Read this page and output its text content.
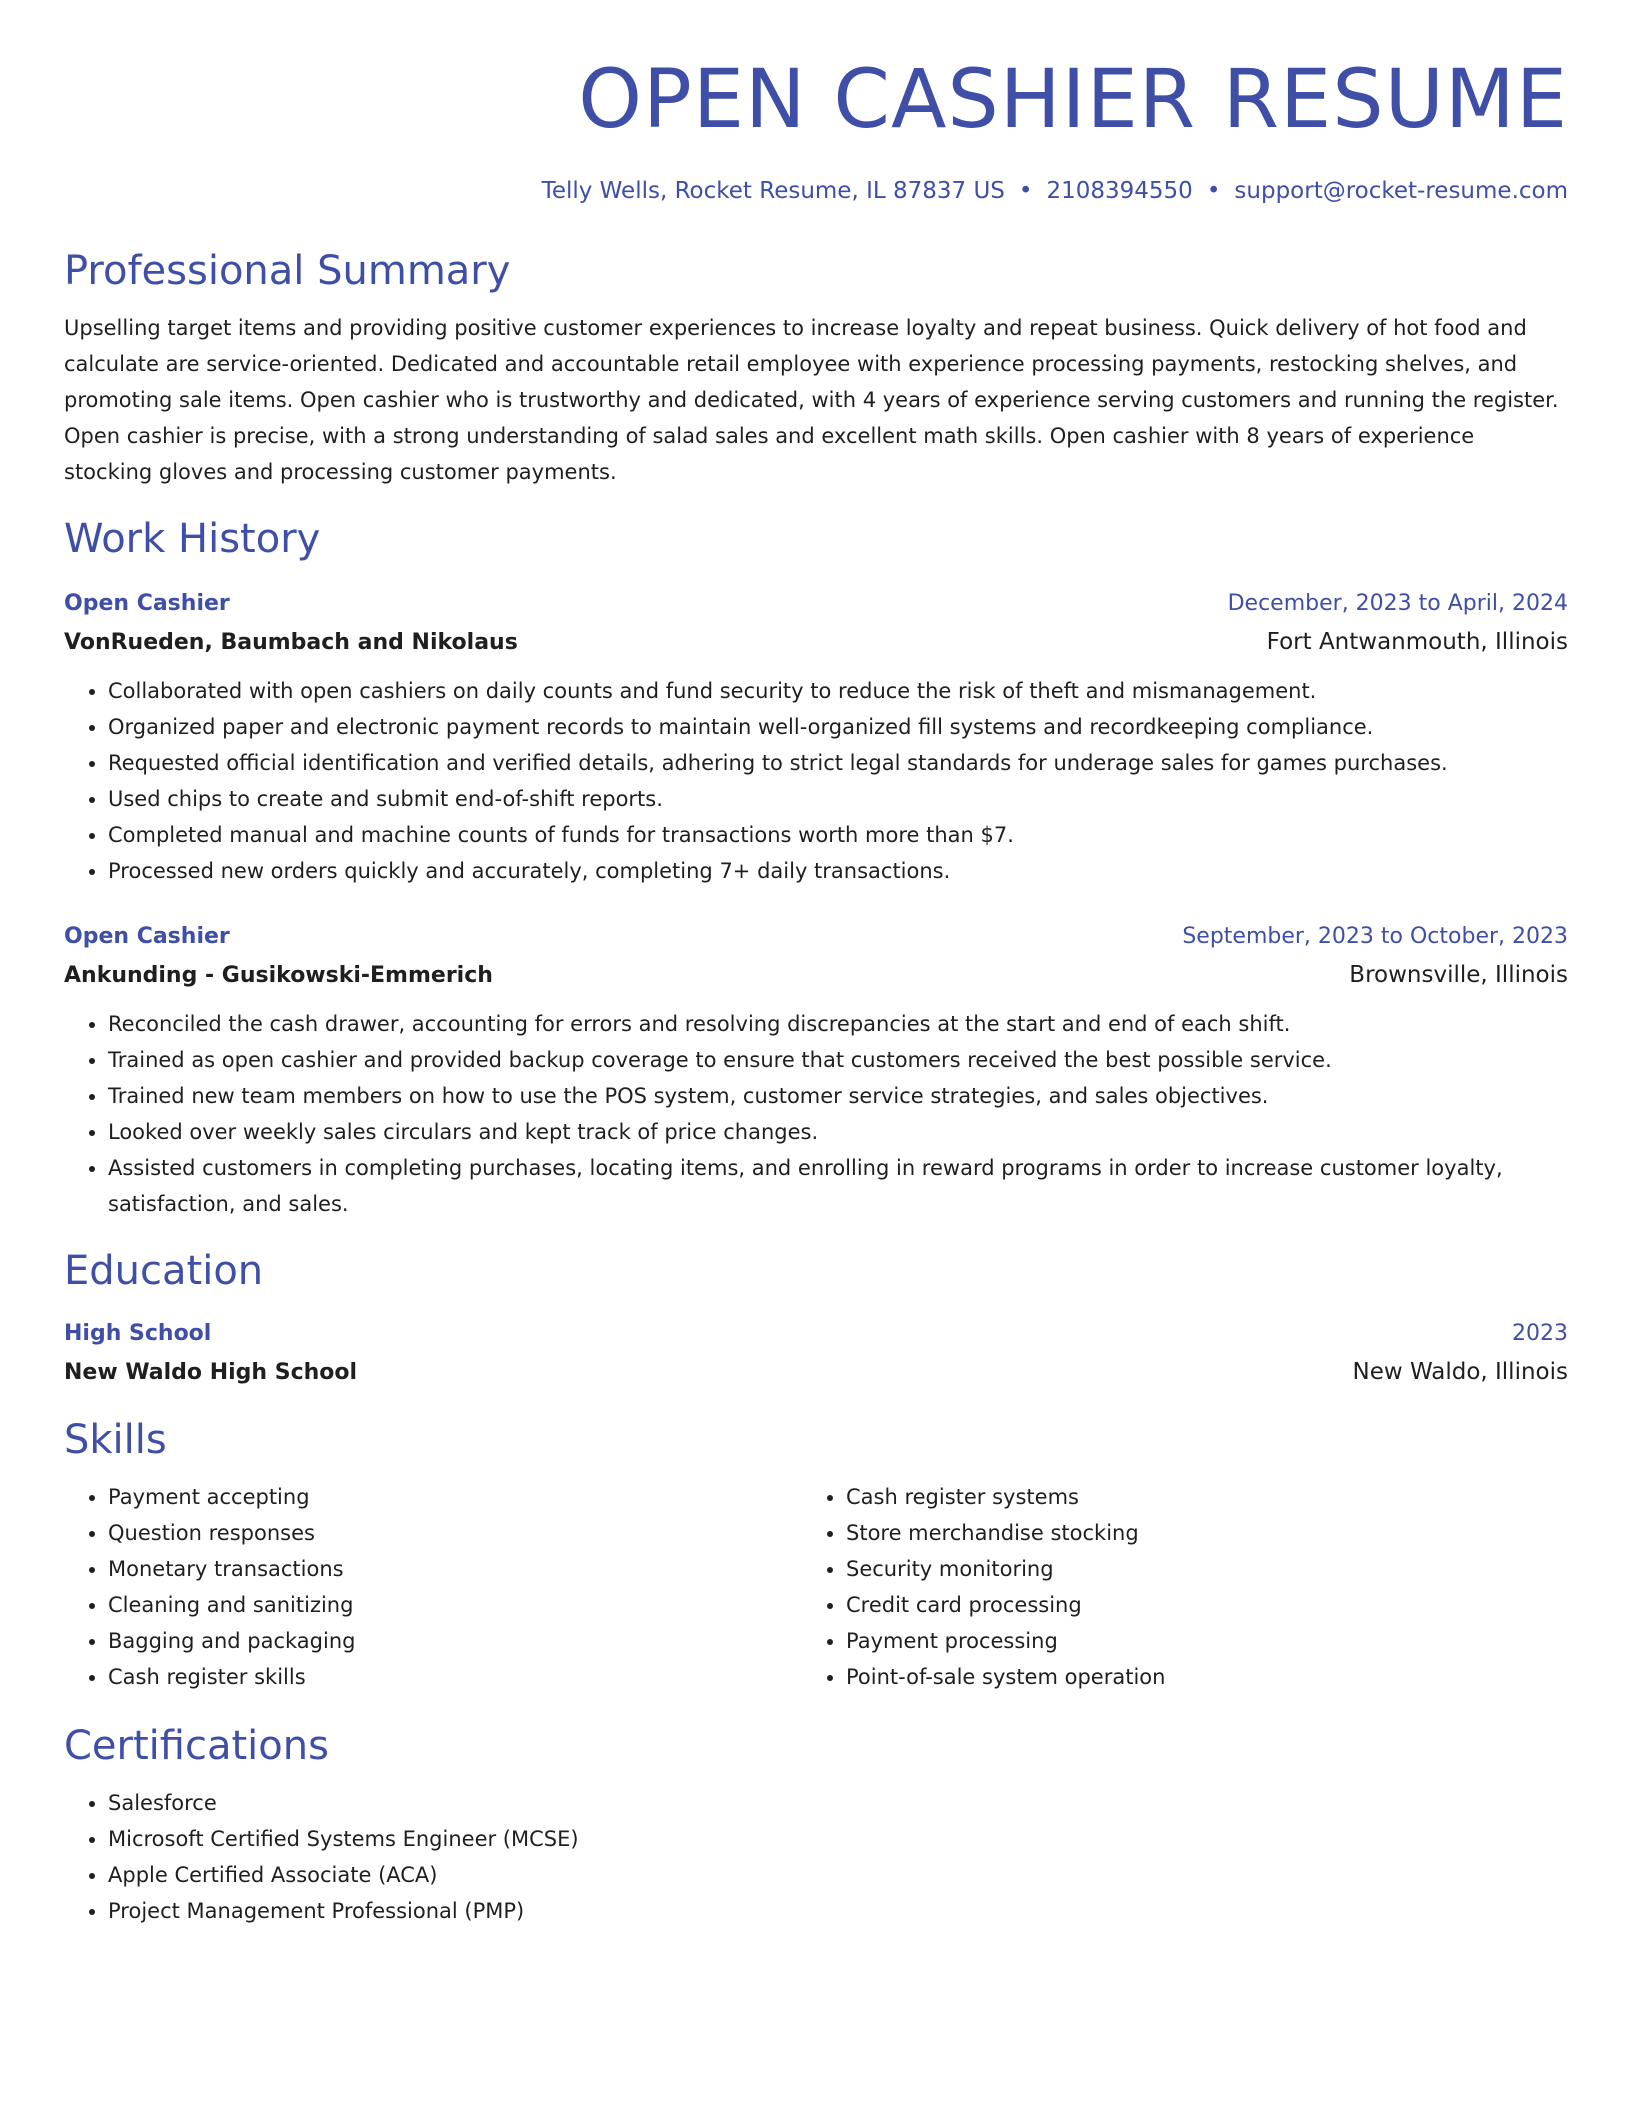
OPEN CASHIER RESUME
Telly Wells, Rocket Resume, IL 87837 US • 2108394550 • support@rocket-resume.com
Professional Summary
Upselling target items and providing positive customer experiences to increase loyalty and repeat business. Quick delivery of hot food and calculate are service-oriented. Dedicated and accountable retail employee with experience processing payments, restocking shelves, and promoting sale items. Open cashier who is trustworthy and dedicated, with 4 years of experience serving customers and running the register. Open cashier is precise, with a strong understanding of salad sales and excellent math skills. Open cashier with 8 years of experience stocking gloves and processing customer payments.
Work History
Open Cashier	December, 2023 to April, 2024
VonRueden, Baumbach and Nikolaus	Fort Antwanmouth, Illinois
• Collaborated with open cashiers on daily counts and fund security to reduce the risk of theft and mismanagement.
• Organized paper and electronic payment records to maintain well-organized fill systems and recordkeeping compliance.
• Requested official identification and verified details, adhering to strict legal standards for underage sales for games purchases.
• Used chips to create and submit end-of-shift reports.
• Completed manual and machine counts of funds for transactions worth more than $7.
• Processed new orders quickly and accurately, completing 7+ daily transactions.
Open Cashier	September, 2023 to October, 2023
Ankunding - Gusikowski-Emmerich	Brownsville, Illinois
• Reconciled the cash drawer, accounting for errors and resolving discrepancies at the start and end of each shift.
• Trained as open cashier and provided backup coverage to ensure that customers received the best possible service.
• Trained new team members on how to use the POS system, customer service strategies, and sales objectives.
• Looked over weekly sales circulars and kept track of price changes.
• Assisted customers in completing purchases, locating items, and enrolling in reward programs in order to increase customer loyalty, satisfaction, and sales.
Education
High School	2023
New Waldo High School	New Waldo, Illinois
Skills
• Payment accepting
• Question responses
• Monetary transactions
• Cleaning and sanitizing
• Bagging and packaging
• Cash register skills
• Cash register systems
• Store merchandise stocking
• Security monitoring
• Credit card processing
• Payment processing
• Point-of-sale system operation
Certifications
• Salesforce
• Microsoft Certified Systems Engineer (MCSE)
• Apple Certified Associate (ACA)
• Project Management Professional (PMP)
